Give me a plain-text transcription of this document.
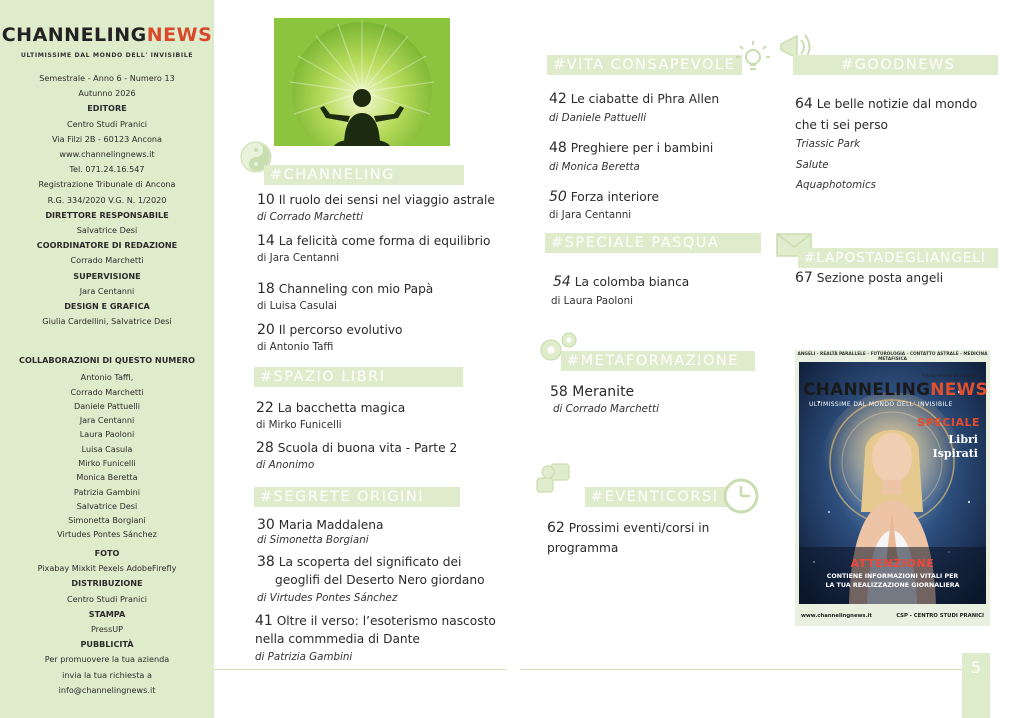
CHANNELINGNEWS
ULTIMISSIME DAL MONDO DELL' INVISIBILE
Semestrale - Anno 6 - Numero 13
Autunno 2026
EDITORE
Centro Studi Pranici
Via Filzi 2B - 60123 Ancona
www.channelingnews.it
Tel. 071.24.16.547
Registrazione Tribunale di Ancona
R.G. 334/2020 V.G. N. 1/2020
DIRETTORE RESPONSABILE
Salvatrice Desi
COORDINATORE DI REDAZIONE
Corrado Marchetti
SUPERVISIONE
Jara Centanni
DESIGN E GRAFICA
Giulia Cardellini, Salvatrice Desi
COLLABORAZIONI DI QUESTO NUMERO
Antonio Taffi,
Corrado Marchetti
Daniele Pattuelli
Jara Centanni
Laura Paoloni
Luisa Casula
Mirko Funicelli
Monica Beretta
Patrizia Gambini
Salvatrice Desi
Simonetta Borgiani
Virtudes Pontes Sánchez
FOTO
Pixabay Mixkit Pexels AdobeFirefly
DISTRIBUZIONE
Centro Studi Pranici
STAMPA
PressUP
PUBBLICITÀ
Per promuovere la tua azienda
invia la tua richiesta a
info@channelingnews.it
#CHANNELING
10 Il ruolo dei sensi nel viaggio astrale
di Corrado Marchetti
14 La felicità come forma di equilibrio
di Jara Centanni
18 Channeling con mio Papà
di Luisa Casulai
20 Il percorso evolutivo
di Antonio Taffi
#SPAZIO LIBRI
22 La bacchetta magica
di Mirko Funicelli
28 Scuola di buona vita - Parte 2
di Anonimo
#SEGRETE ORIGINI
30 Maria Maddalena
di Simonetta Borgiani
38 La scoperta del significato dei
geoglifi del Deserto Nero giordano
di Virtudes Pontes Sánchez
41 Oltre il verso: l’esoterismo nascosto
nella commmedia di Dante
di Patrizia Gambini
#VITA CONSAPEVOLE
42 Le ciabatte di Phra Allen
di Daniele Pattuelli
48 Preghiere per i bambini
di Monica Beretta
50 Forza interiore
di Jara Centanni
#SPECIALE PASQUA
54 La colomba bianca
di Laura Paoloni
#METAFORMAZIONE
58 Meranite
di Corrado Marchetti
#EVENTICORSI
62 Prossimi eventi/corsi in
programma
#GOODNEWS
64 Le belle notizie dal mondo
che ti sei perso
Triassic Park
Salute
Aquaphotomics
#LAPOSTADEGLIANGELI
67 Sezione posta angeli
ANGELI - REALTÀ PARALLELE - FUTUROLOGIA - CONTATTO ASTRALE - MEDICINA METAFISICA
Rivista semestrale numero 13
CHANNELINGNEWS
ULTIMISSIME DAL MONDO DELL' INVISIBILE
SPECIALE
Libri
Ispirati
ATTENZIONE
CONTIENE INFORMAZIONI VITALI PER
LA TUA REALIZZAZIONE GIORNALIERA
www.channelingnews.it	CSP - CENTRO STUDI PRANICI
5
